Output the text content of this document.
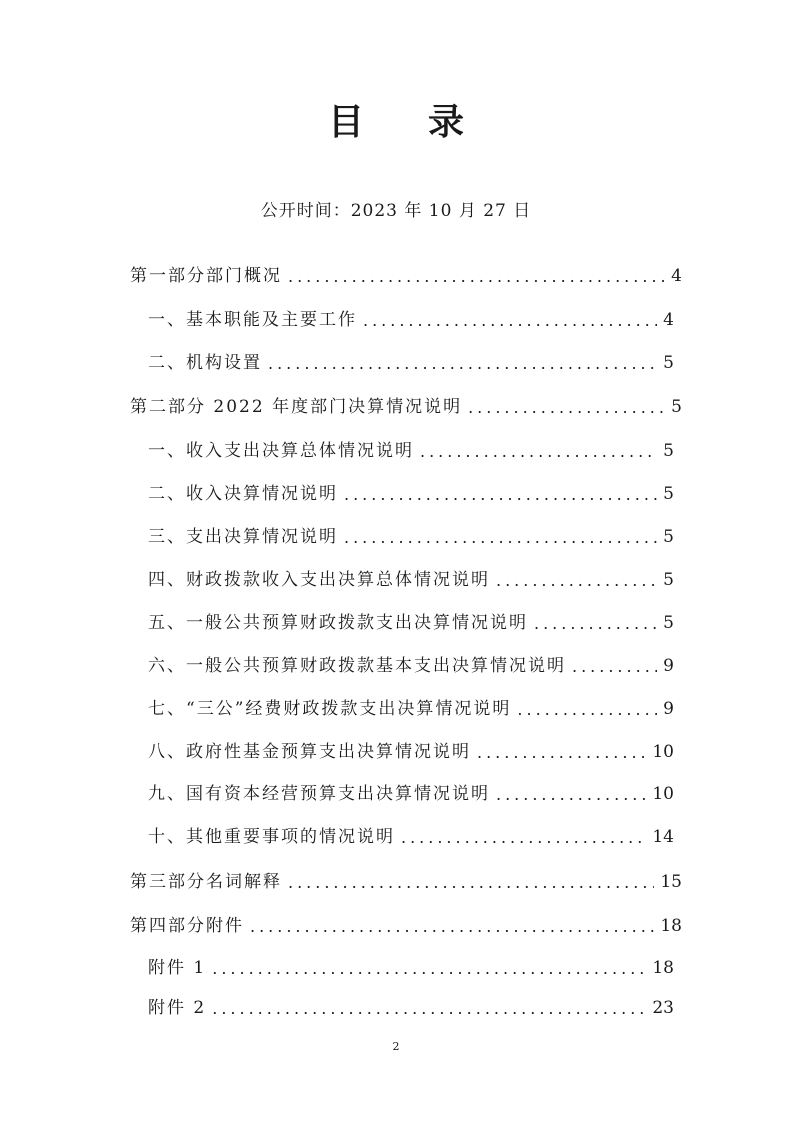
目 录
公开时间：2023 年 10 月 27 日
第一部分部门概况 .....	4
一、基本职能及主要工作 .....	4
二、机构设置 .....	5
第二部分 2022 年度部门决算情况说明 .....	5
一、收入支出决算总体情况说明 .....	5
二、收入决算情况说明 .....	5
三、支出决算情况说明 .....	5
四、财政拨款收入支出决算总体情况说明 .....	5
五、一般公共预算财政拨款支出决算情况说明 .....	5
六、一般公共预算财政拨款基本支出决算情况说明 .....	9
七、“三公”经费财政拨款支出决算情况说明 .....	9
八、政府性基金预算支出决算情况说明 .....	10
九、国有资本经营预算支出决算情况说明 .....	10
十、其他重要事项的情况说明 .....	14
第三部分名词解释 .....	15
第四部分附件 .....	18
附件 1 .....	18
附件 2 .....	23
2
